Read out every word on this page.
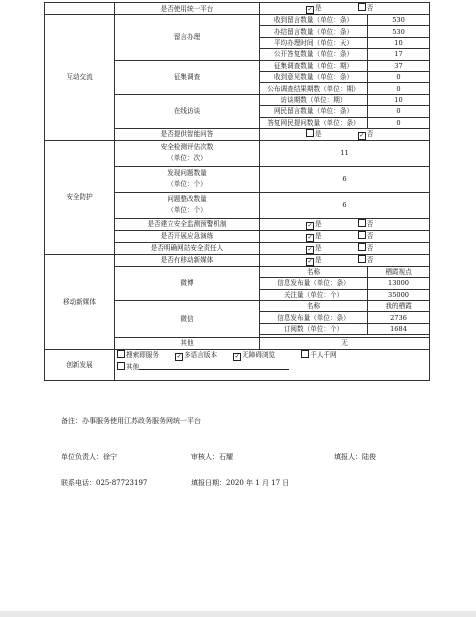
	是否使用统一平台	✓ 是 否	
互动交流	留言办理	收到留言数量（单位：条）	530
		办结留言数量（单位：条）	530
		平均办理时间（单位：天）	10
		公开答复数量（单位：条）	17
	征集调查	征集调查数量（单位：期）	37
		收到意见数量（单位：条）	0
		公布调查结果期数（单位：期）	0
	在线访谈	访谈期数（单位：期）	10
		网民留言数量（单位：条）	0
		答复网民提问数量（单位：条）	0
	是否提供智能问答	是 ✓ 否	
安全防护	安全检测评估次数
（单位：次）	11	
	发现问题数量
（单位：个）	6	
	问题整改数量
（单位：个）	6	
	是否建立安全监测预警机制	✓ 是 否	
	是否开展应急演练	✓ 是 否	
	是否明确网站安全责任人	✓ 是 否	
移动新媒体	是否有移动新媒体	✓ 是 否	
	微博	名称	栖霞视点
		信息发布量（单位：条）	13000
		关注量（单位：个）	35000
	微信	名称	我的栖霞
		信息发布量（单位：条）	2736
		订阅数（单位：个）	1684

	其他	无	
创新发展	搜索即服务 ✓ 多语言版本 ✓ 无障碍浏览 千人千网		
	其他		
备注：办事服务使用江苏政务服务网统一平台
单位负责人：徐宁	审核人：石耀	填报人：陆俊
联系电话：025-87723197	填报日期：2020 年 1 月 17 日
